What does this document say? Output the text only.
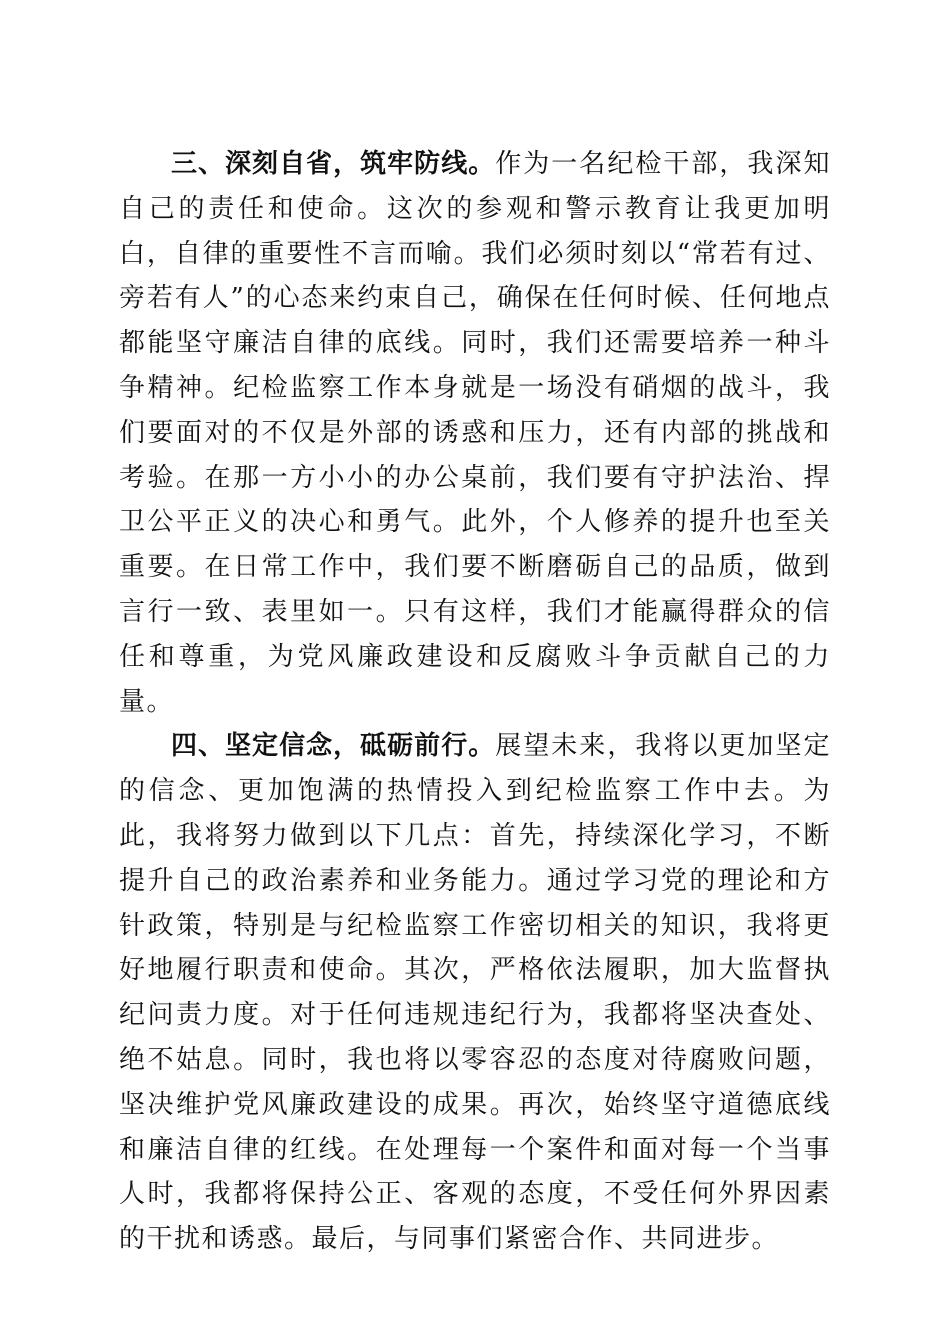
三、深刻自省，筑牢防线。作为一名纪检干部，我深知自己的责任和使命。这次的参观和警示教育让我更加明白，自律的重要性不言而喻。我们必须时刻以“常若有过、旁若有人”的心态来约束自己，确保在任何时候、任何地点都能坚守廉洁自律的底线。同时，我们还需要培养一种斗争精神。纪检监察工作本身就是一场没有硝烟的战斗，我们要面对的不仅是外部的诱惑和压力，还有内部的挑战和考验。在那一方小小的办公桌前，我们要有守护法治、捍卫公平正义的决心和勇气。此外，个人修养的提升也至关重要。在日常工作中，我们要不断磨砺自己的品质，做到言行一致、表里如一。只有这样，我们才能赢得群众的信任和尊重，为党风廉政建设和反腐败斗争贡献自己的力量。

四、坚定信念，砥砺前行。展望未来，我将以更加坚定的信念、更加饱满的热情投入到纪检监察工作中去。为此，我将努力做到以下几点：首先，持续深化学习，不断提升自己的政治素养和业务能力。通过学习党的理论和方针政策，特别是与纪检监察工作密切相关的知识，我将更好地履行职责和使命。其次，严格依法履职，加大监督执纪问责力度。对于任何违规违纪行为，我都将坚决查处、绝不姑息。同时，我也将以零容忍的态度对待腐败问题，坚决维护党风廉政建设的成果。再次，始终坚守道德底线和廉洁自律的红线。在处理每一个案件和面对每一个当事人时，我都将保持公正、客观的态度，不受任何外界因素的干扰和诱惑。最后，与同事们紧密合作、共同进步。
